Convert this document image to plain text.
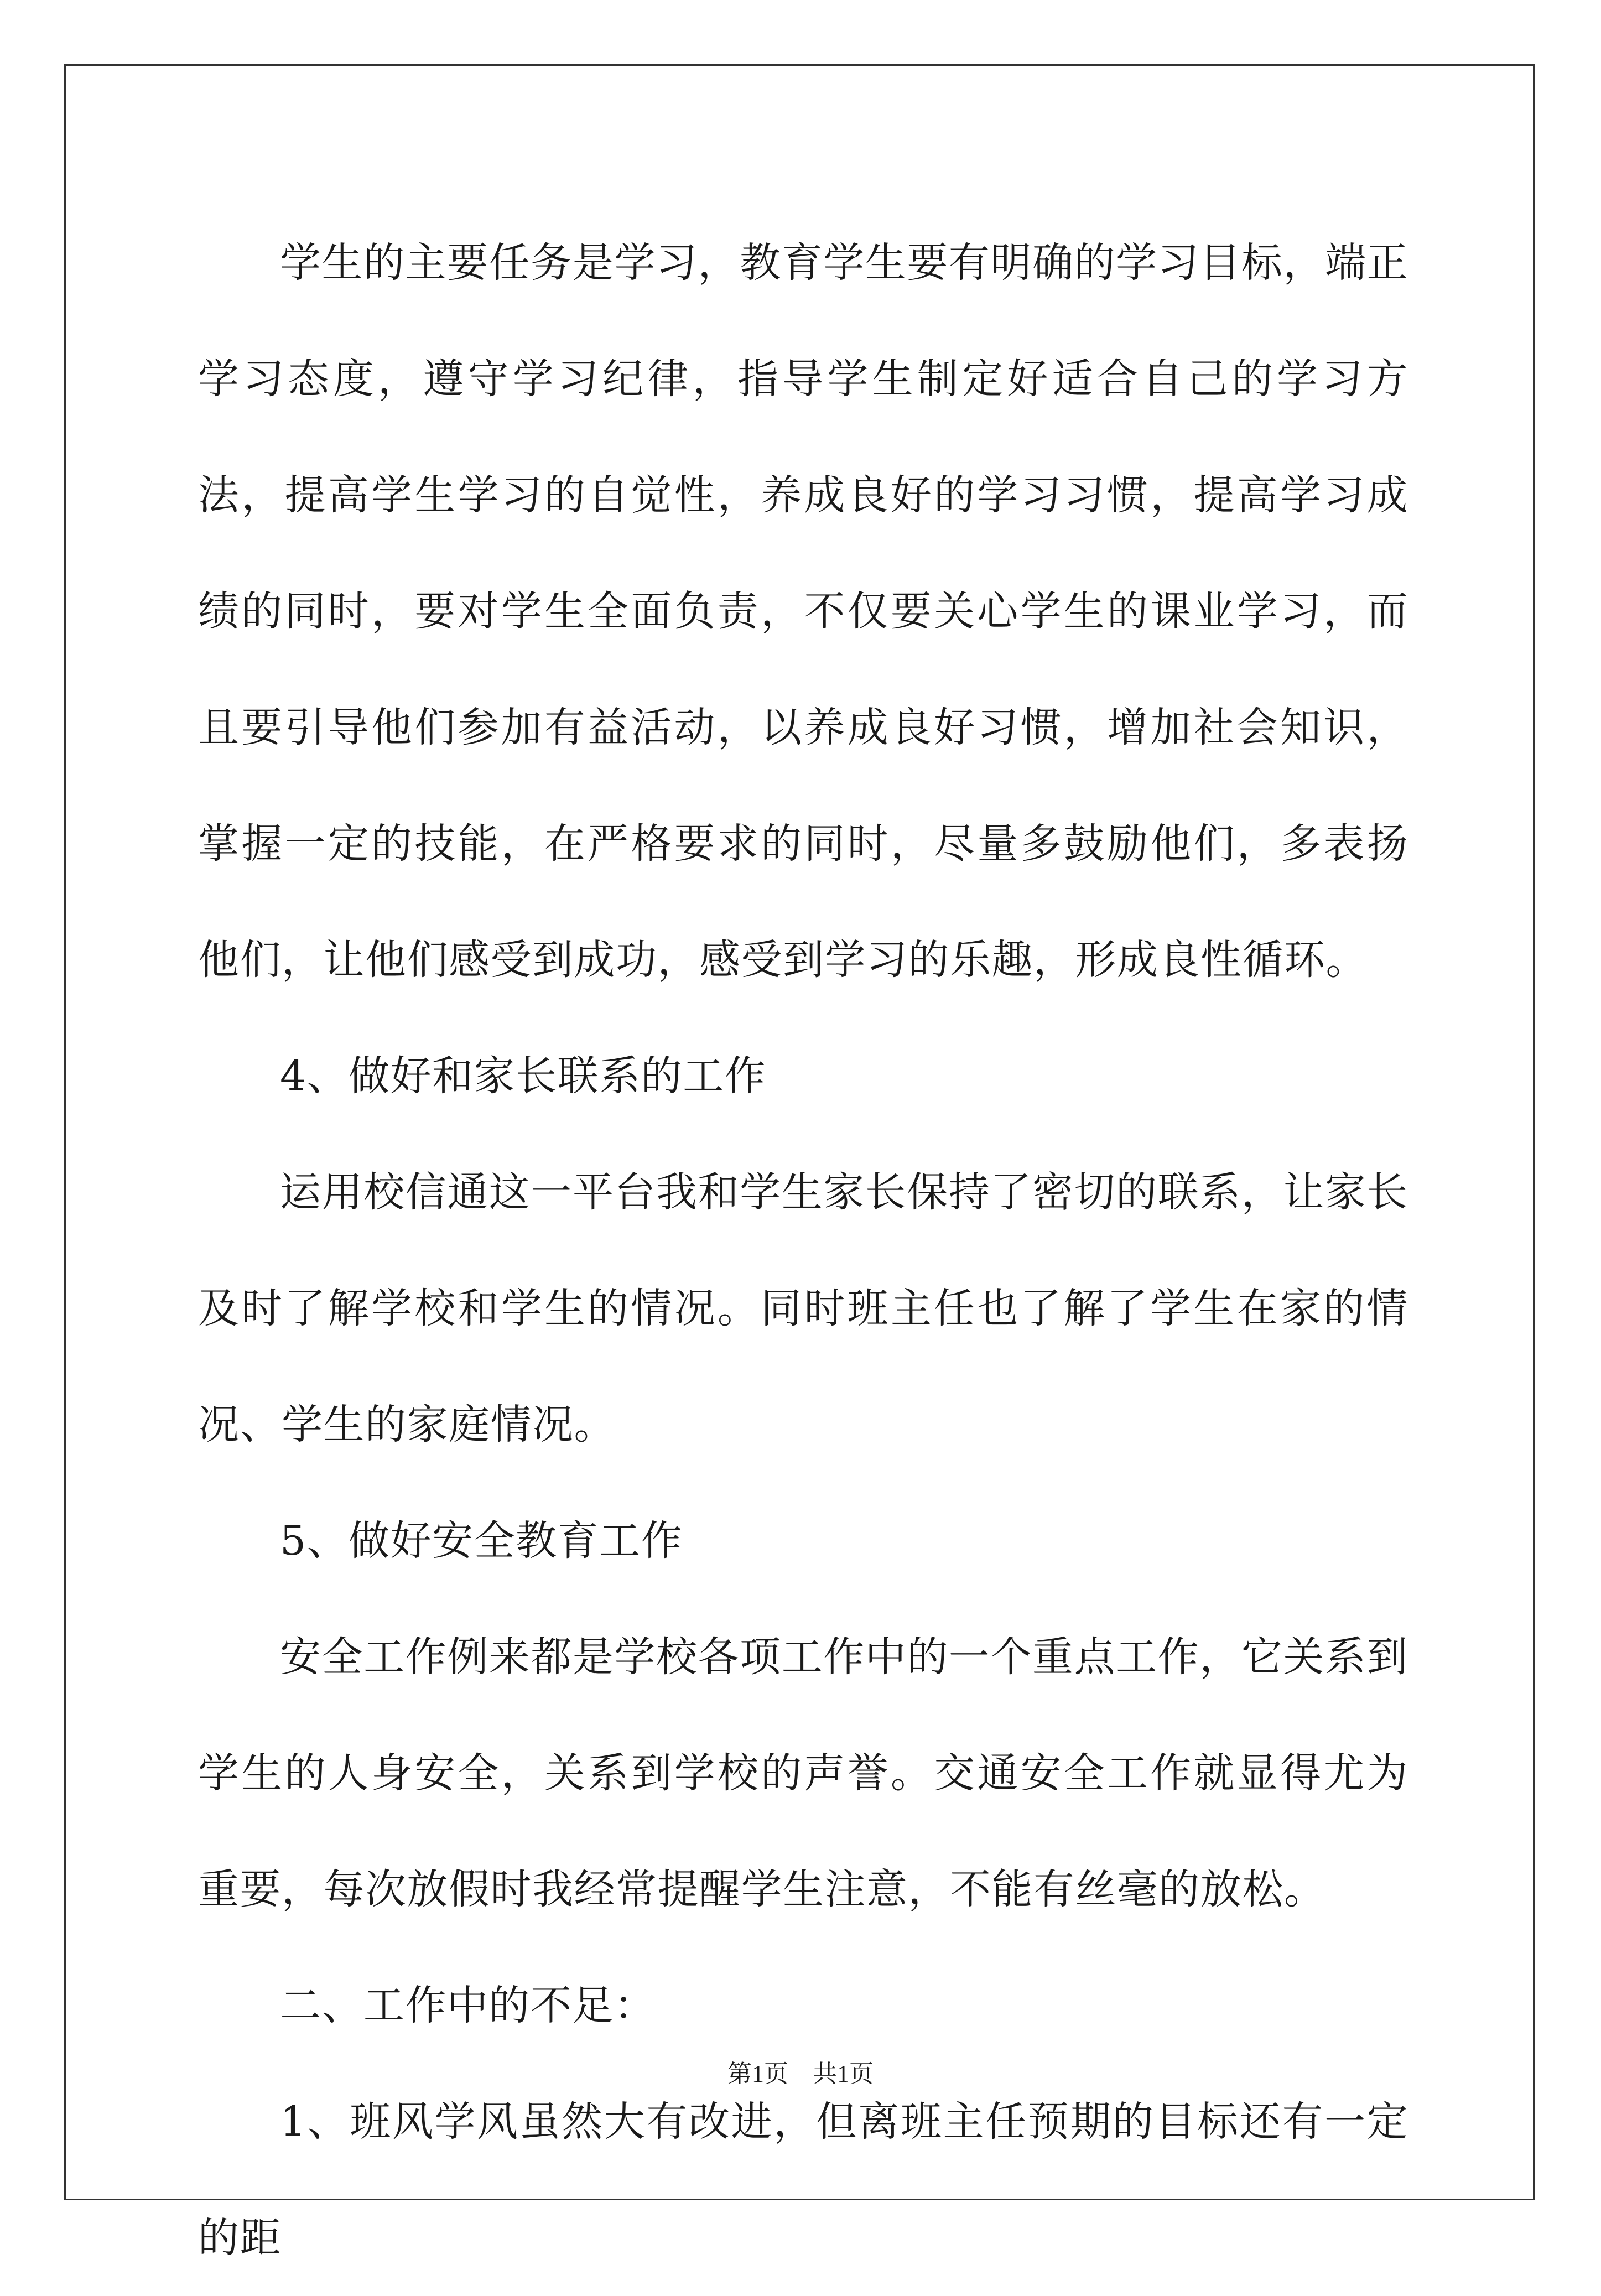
学生的主要任务是学习，教育学生要有明确的学习目标，端正学习态度，遵守学习纪律，指导学生制定好适合自己的学习方法，提高学生学习的自觉性，养成良好的学习习惯，提高学习成绩的同时，要对学生全面负责，不仅要关心学生的课业学习，而且要引导他们参加有益活动，以养成良好习惯，增加社会知识，掌握一定的技能，在严格要求的同时，尽量多鼓励他们，多表扬他们，让他们感受到成功，感受到学习的乐趣，形成良性循环。

4、做好和家长联系的工作

运用校信通这一平台我和学生家长保持了密切的联系，让家长及时了解学校和学生的情况。同时班主任也了解了学生在家的情况、学生的家庭情况。

5、做好安全教育工作

安全工作例来都是学校各项工作中的一个重点工作，它关系到学生的人身安全，关系到学校的声誉。交通安全工作就显得尤为重要，每次放假时我经常提醒学生注意，不能有丝毫的放松。

二、工作中的不足：

1、班风学风虽然大有改进，但离班主任预期的目标还有一定的距

第1页　共1页
